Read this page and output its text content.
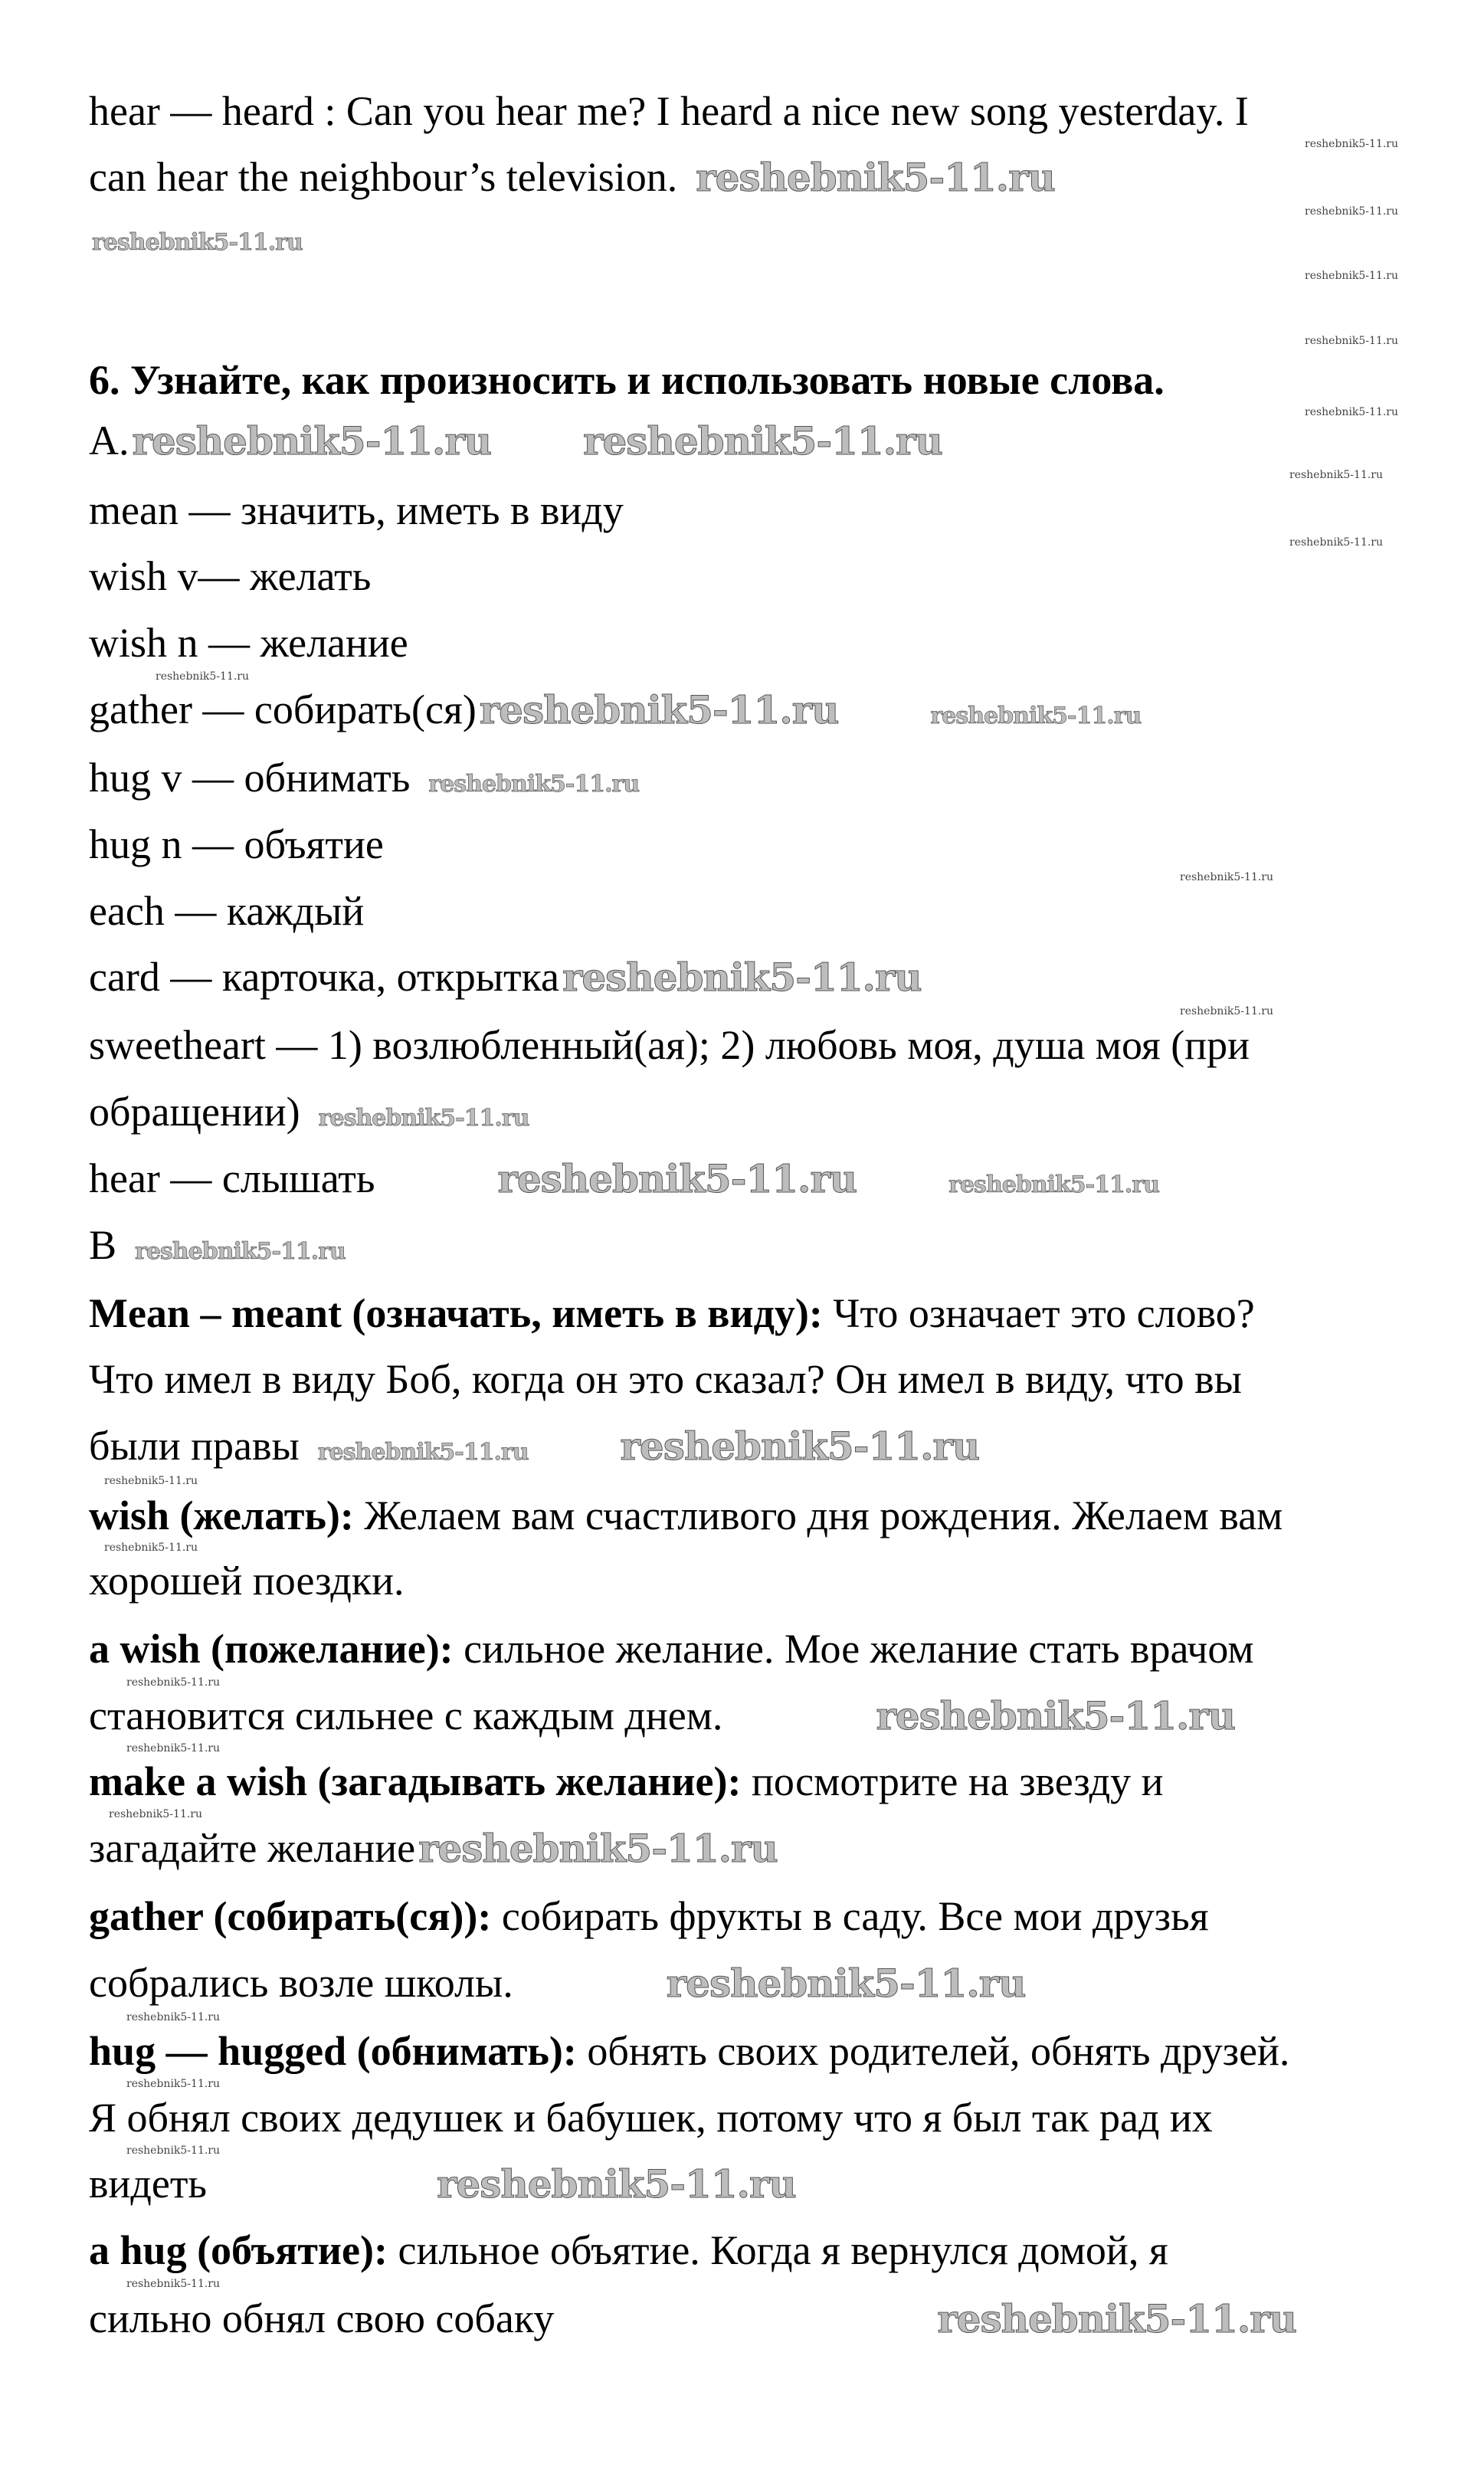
hear — heard : Can you hear me? I heard a nice new song yesterday. I
can hear the neighbour’s television. reshebnik5-11.ru
reshebnik5-11.ru
6. Узнайте, как произносить и использовать новые слова.
A.reshebnik5-11.ru reshebnik5-11.ru
mean — значить, иметь в виду
wish v— желать
wish n — желание
gather — собирать(ся)reshebnik5-11.ru	reshebnik5-11.ru
hug v — обнимать reshebnik5-11.ru
hug n — объятие
each — каждый
card — карточка, открыткаreshebnik5-11.ru
sweetheart — 1) возлюбленный(ая); 2) любовь моя, душа моя (при
обращении) reshebnik5-11.ru
hear — слышать	reshebnik5-11.ru	reshebnik5-11.ru
Breshebnik5-11.ru
Mean – meant (означать, иметь в виду): Что означает это слово?
Что имел в виду Боб, когда он это сказал? Он имел в виду, что вы
были правы reshebnik5-11.ru reshebnik5-11.ru
wish (желать): Желаем вам счастливого дня рождения. Желаем вам
хорошей поездки.
a wish (пожелание): сильное желание. Мое желание стать врачом
становится сильнее с каждым днем.	reshebnik5-11.ru
make a wish (загадывать желание): посмотрите на звезду и
загадайте желаниеreshebnik5-11.ru
gather (собирать(ся)): собирать фрукты в саду. Все мои друзья
собрались возле школы.	reshebnik5-11.ru
hug — hugged (обнимать): обнять своих родителей, обнять друзей.
Я обнял своих дедушек и бабушек, потому что я был так рад их
видеть	reshebnik5-11.ru
a hug (объятие): сильное объятие. Когда я вернулся домой, я
сильно обнял свою собаку	reshebnik5-11.ru
reshebnik5-11.ru
reshebnik5-11.ru
reshebnik5-11.ru
reshebnik5-11.ru
reshebnik5-11.ru
reshebnik5-11.ru
reshebnik5-11.ru
reshebnik5-11.ru
reshebnik5-11.ru
reshebnik5-11.ru
reshebnik5-11.ru
reshebnik5-11.ru
reshebnik5-11.ru
reshebnik5-11.ru
reshebnik5-11.ru
reshebnik5-11.ru
reshebnik5-11.ru
reshebnik5-11.ru
reshebnik5-11.ru
